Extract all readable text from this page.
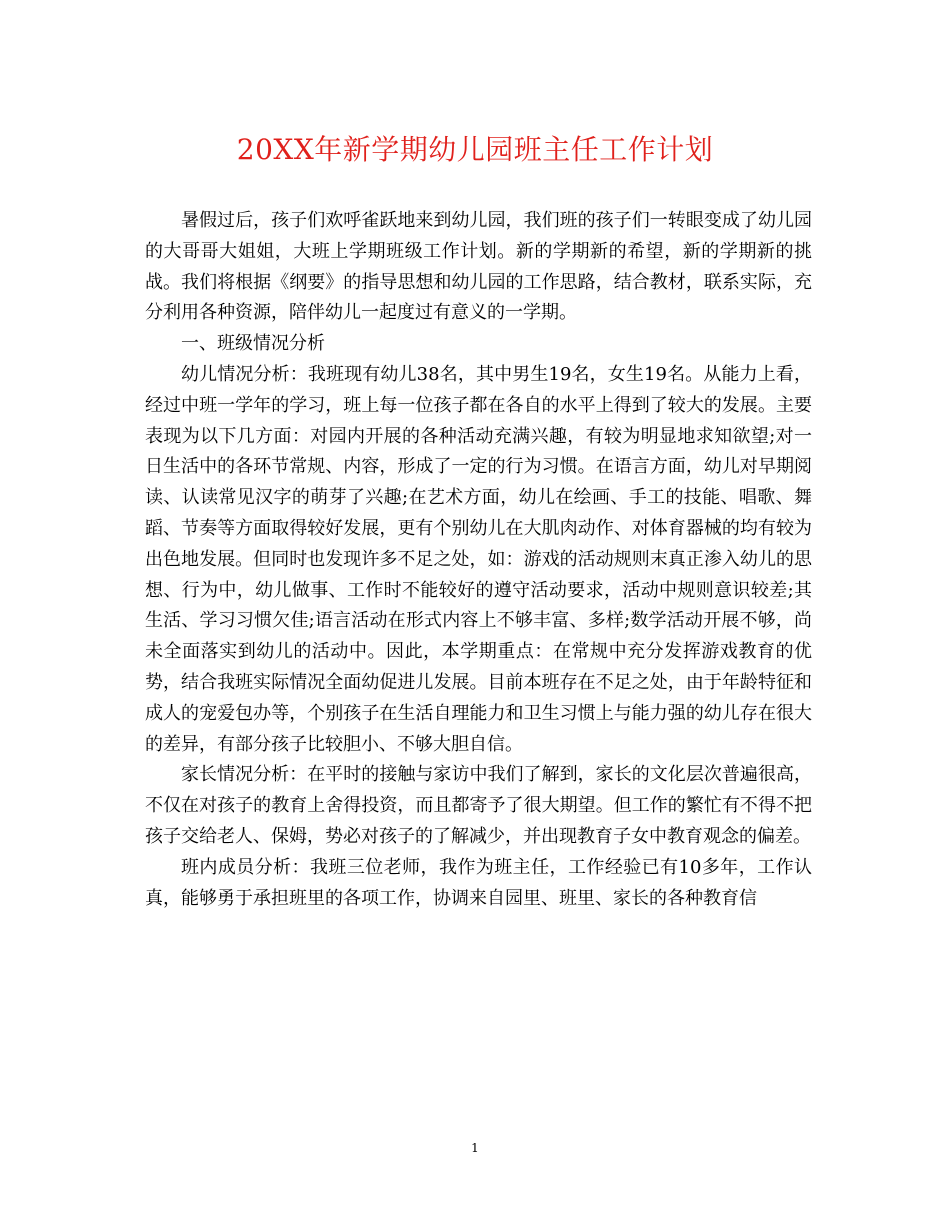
20XX年新学期幼儿园班主任工作计划

暑假过后，孩子们欢呼雀跃地来到幼儿园，我们班的孩子们一转眼变成了幼儿园的大哥哥大姐姐，大班上学期班级工作计划。新的学期新的希望，新的学期新的挑战。我们将根据《纲要》的指导思想和幼儿园的工作思路，结合教材，联系实际，充分利用各种资源，陪伴幼儿一起度过有意义的一学期。

一、班级情况分析

幼儿情况分析：我班现有幼儿38名，其中男生19名，女生19名。从能力上看，经过中班一学年的学习，班上每一位孩子都在各自的水平上得到了较大的发展。主要表现为以下几方面：对园内开展的各种活动充满兴趣，有较为明显地求知欲望;对一日生活中的各环节常规、内容，形成了一定的行为习惯。在语言方面，幼儿对早期阅读、认读常见汉字的萌芽了兴趣;在艺术方面，幼儿在绘画、手工的技能、唱歌、舞蹈、节奏等方面取得较好发展，更有个别幼儿在大肌肉动作、对体育器械的均有较为出色地发展。但同时也发现许多不足之处，如：游戏的活动规则末真正渗入幼儿的思想、行为中，幼儿做事、工作时不能较好的遵守活动要求，活动中规则意识较差;其生活、学习习惯欠佳;语言活动在形式内容上不够丰富、多样;数学活动开展不够，尚未全面落实到幼儿的活动中。因此，本学期重点：在常规中充分发挥游戏教育的优势，结合我班实际情况全面幼促进儿发展。目前本班存在不足之处，由于年龄特征和成人的宠爱包办等，个别孩子在生活自理能力和卫生习惯上与能力强的幼儿存在很大的差异，有部分孩子比较胆小、不够大胆自信。

家长情况分析：在平时的接触与家访中我们了解到，家长的文化层次普遍很高，不仅在对孩子的教育上舍得投资，而且都寄予了很大期望。但工作的繁忙有不得不把孩子交给老人、保姆，势必对孩子的了解减少，并出现教育子女中教育观念的偏差。

班内成员分析：我班三位老师，我作为班主任，工作经验已有10多年，工作认真，能够勇于承担班里的各项工作，协调来自园里、班里、家长的各种教育信

1
